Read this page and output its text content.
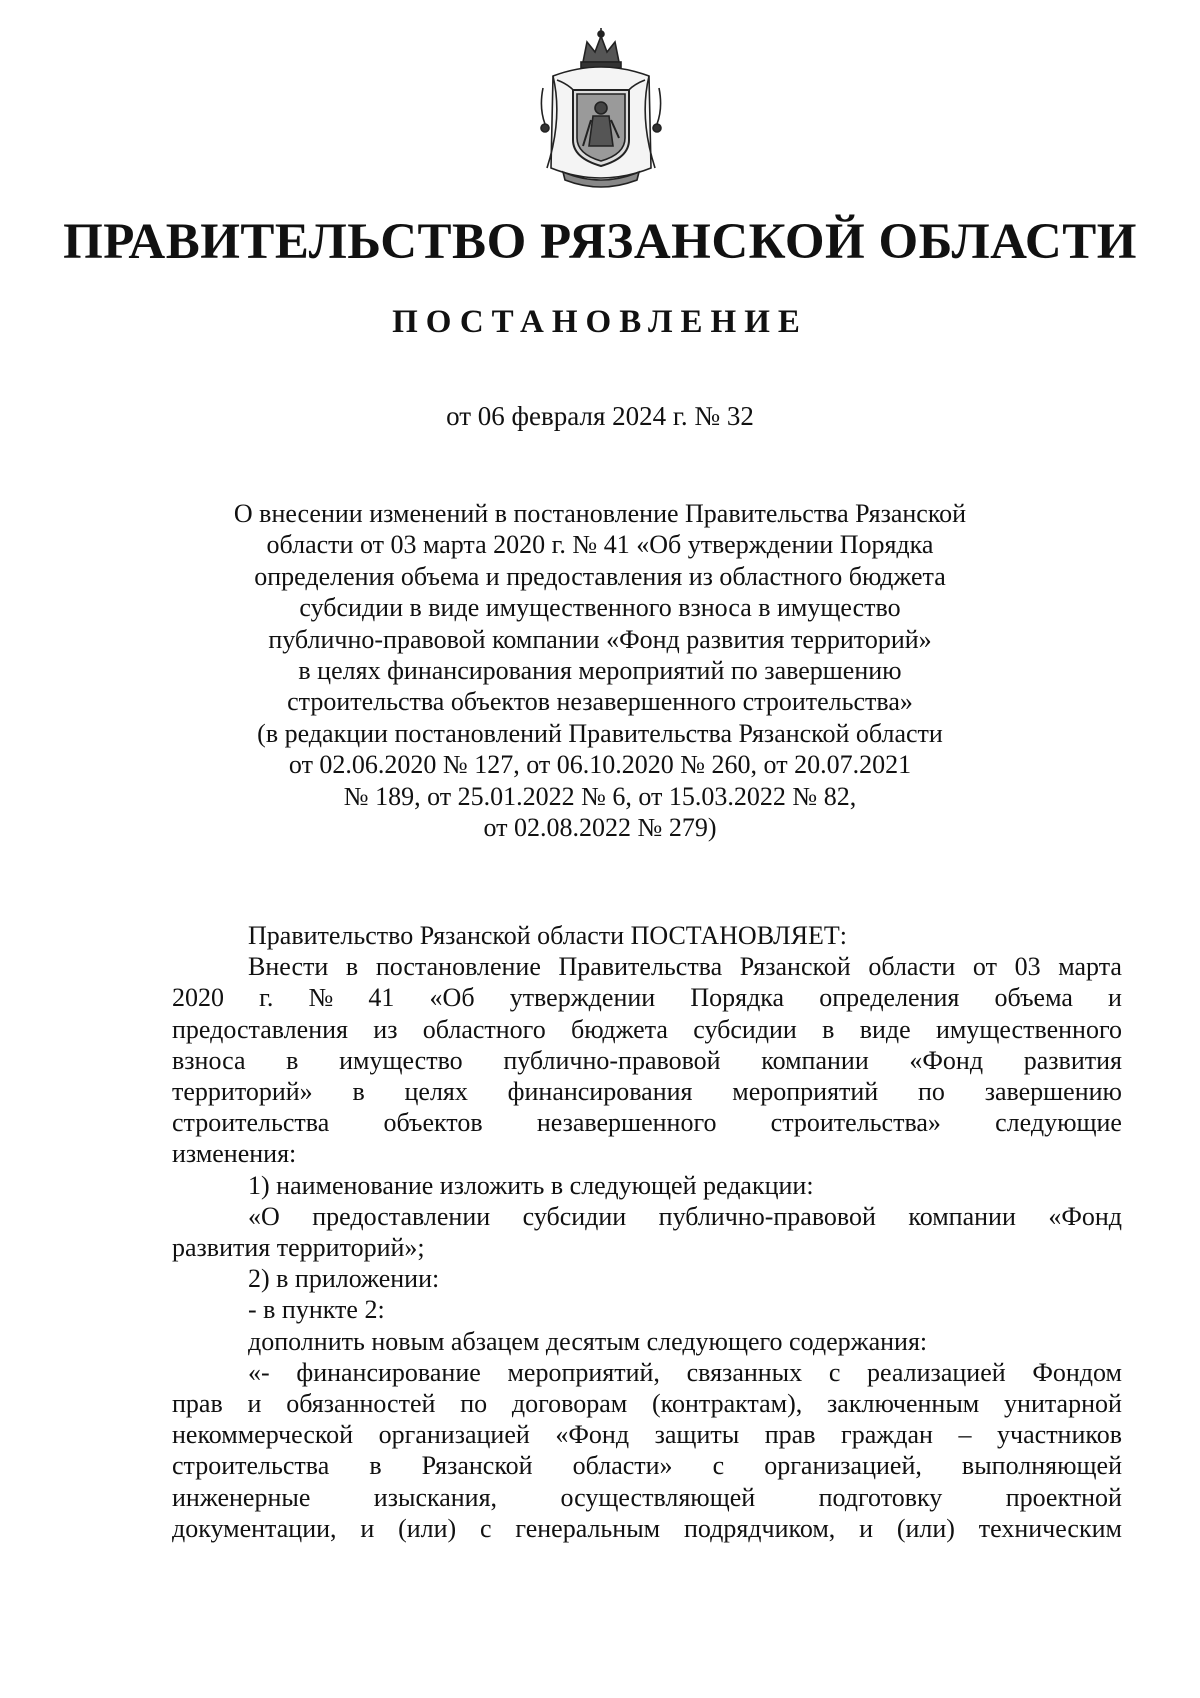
ПРАВИТЕЛЬСТВО РЯЗАНСКОЙ ОБЛАСТИ
ПОСТАНОВЛЕНИЕ
от 06 февраля 2024 г. № 32
О внесении изменений в постановление Правительства Рязанской
области от 03 марта 2020 г. № 41 «Об утверждении Порядка
определения объема и предоставления из областного бюджета
субсидии в виде имущественного взноса в имущество
публично-правовой компании «Фонд развития территорий»
в целях финансирования мероприятий по завершению
строительства объектов незавершенного строительства»
(в редакции постановлений Правительства Рязанской области
от 02.06.2020 № 127, от 06.10.2020 № 260, от 20.07.2021
№ 189, от 25.01.2022 № 6, от 15.03.2022 № 82,
от 02.08.2022 № 279)
Правительство Рязанской области ПОСТАНОВЛЯЕТ:
Внести в постановление Правительства Рязанской области от 03 марта
2020 г. № 41 «Об утверждении Порядка определения объема и
предоставления из областного бюджета субсидии в виде имущественного
взноса в имущество публично-правовой компании «Фонд развития
территорий» в целях финансирования мероприятий по завершению
строительства объектов незавершенного строительства» следующие
изменения:
1) наименование изложить в следующей редакции:
«О предоставлении субсидии публично-правовой компании «Фонд
развития территорий»;
2) в приложении:
- в пункте 2:
дополнить новым абзацем десятым следующего содержания:
«- финансирование мероприятий, связанных с реализацией Фондом
прав и обязанностей по договорам (контрактам), заключенным унитарной
некоммерческой организацией «Фонд защиты прав граждан – участников
строительства в Рязанской области» с организацией, выполняющей
инженерные изыскания, осуществляющей подготовку проектной
документации, и (или) с генеральным подрядчиком, и (или) техническим
